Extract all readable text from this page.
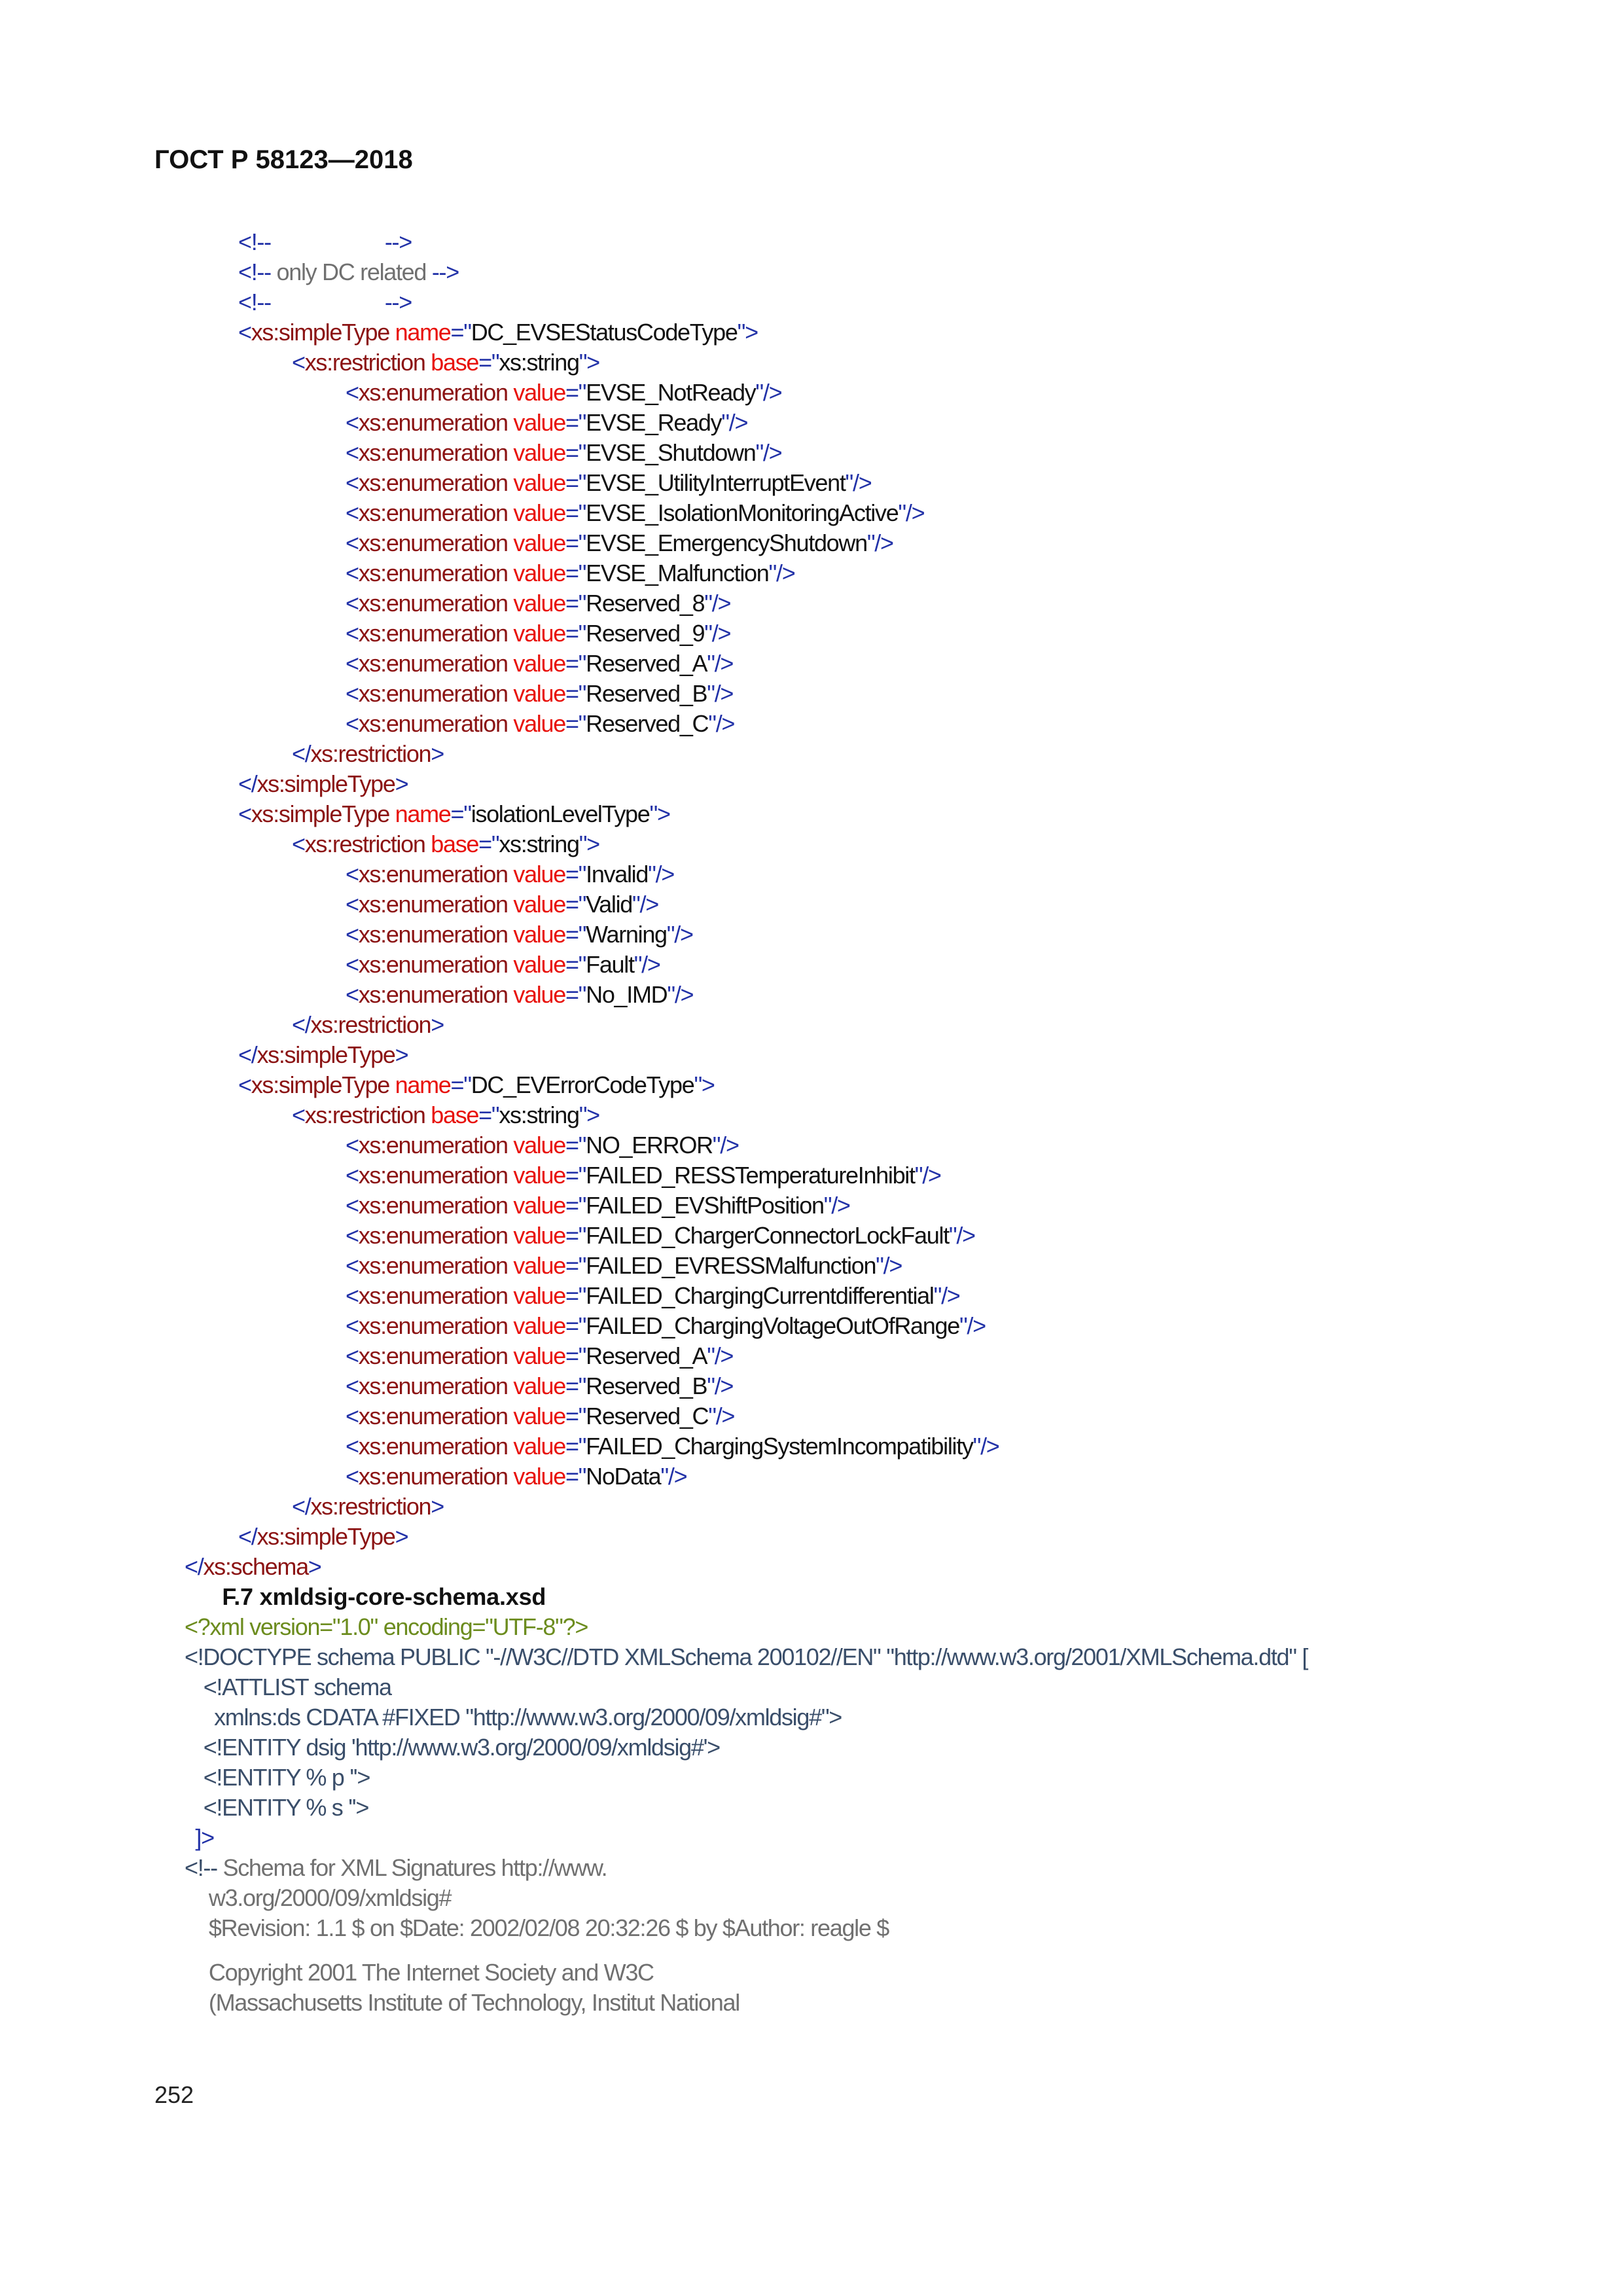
ГОСТ Р 58123—2018
<!--                    -->
<!-- only DC related -->
<!--                    -->
<xs:simpleType name="DC_EVSEStatusCodeType">
<xs:restriction base="xs:string">
<xs:enumeration value="EVSE_NotReady"/>
<xs:enumeration value="EVSE_Ready"/>
<xs:enumeration value="EVSE_Shutdown"/>
<xs:enumeration value="EVSE_UtilityInterruptEvent"/>
<xs:enumeration value="EVSE_IsolationMonitoringActive"/>
<xs:enumeration value="EVSE_EmergencyShutdown"/>
<xs:enumeration value="EVSE_Malfunction"/>
<xs:enumeration value="Reserved_8"/>
<xs:enumeration value="Reserved_9"/>
<xs:enumeration value="Reserved_A"/>
<xs:enumeration value="Reserved_B"/>
<xs:enumeration value="Reserved_C"/>
</xs:restriction>
</xs:simpleType>
<xs:simpleType name="isolationLevelType">
<xs:restriction base="xs:string">
<xs:enumeration value="Invalid"/>
<xs:enumeration value="Valid"/>
<xs:enumeration value="Warning"/>
<xs:enumeration value="Fault"/>
<xs:enumeration value="No_IMD"/>
</xs:restriction>
</xs:simpleType>
<xs:simpleType name="DC_EVErrorCodeType">
<xs:restriction base="xs:string">
<xs:enumeration value="NO_ERROR"/>
<xs:enumeration value="FAILED_RESSTemperatureInhibit"/>
<xs:enumeration value="FAILED_EVShiftPosition"/>
<xs:enumeration value="FAILED_ChargerConnectorLockFault"/>
<xs:enumeration value="FAILED_EVRESSMalfunction"/>
<xs:enumeration value="FAILED_ChargingCurrentdifferential"/>
<xs:enumeration value="FAILED_ChargingVoltageOutOfRange"/>
<xs:enumeration value="Reserved_A"/>
<xs:enumeration value="Reserved_B"/>
<xs:enumeration value="Reserved_C"/>
<xs:enumeration value="FAILED_ChargingSystemIncompatibility"/>
<xs:enumeration value="NoData"/>
</xs:restriction>
</xs:simpleType>
</xs:schema>
F.7 xmldsig-core-schema.xsd
<?xml version="1.0" encoding="UTF-8"?>
<!DOCTYPE schema PUBLIC "-//W3C//DTD XMLSchema 200102//EN" "http://www.w3.org/2001/XMLSchema.dtd" [
<!ATTLIST schema
xmlns:ds CDATA #FIXED "http://www.w3.org/2000/09/xmldsig#">
<!ENTITY dsig 'http://www.w3.org/2000/09/xmldsig#'>
<!ENTITY % p ''>
<!ENTITY % s ''>
]>
<!-- Schema for XML Signatures http://www.
w3.org/2000/09/xmldsig#
$Revision: 1.1 $ on $Date: 2002/02/08 20:32:26 $ by $Author: reagle $
Copyright 2001 The Internet Society and W3C
(Massachusetts Institute of Technology, Institut National

252
